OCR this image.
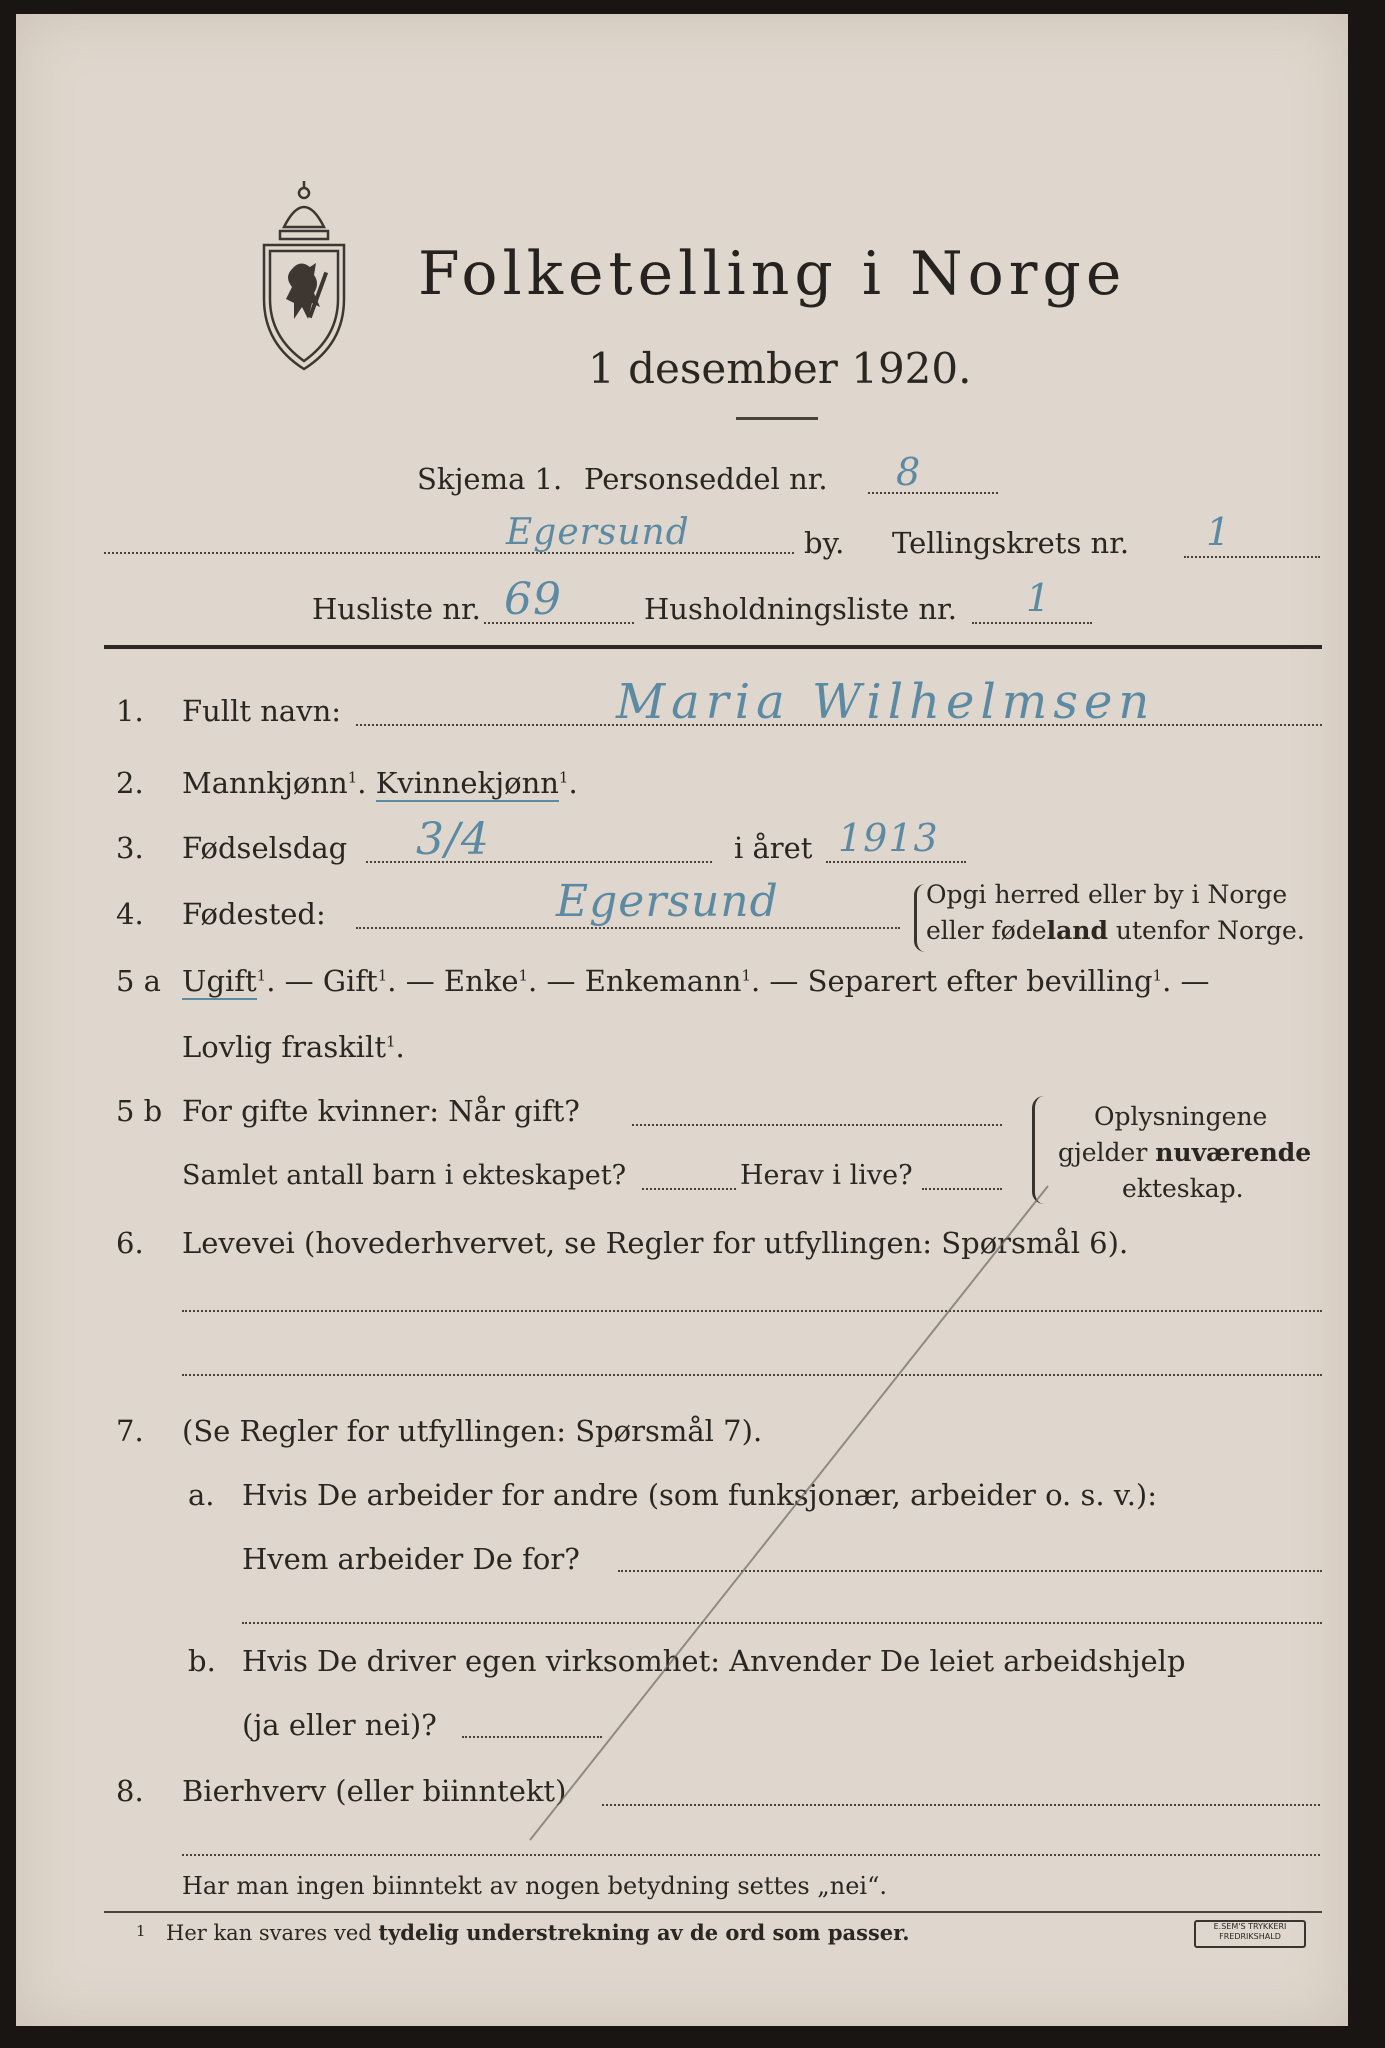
Folketelling i Norge
1 desember 1920.
Skjema 1. Personseddel nr. 8
Egersund	by. Tellingskrets nr. 1
Husliste nr. 69	Husholdningsliste nr. 1
1. Fullt navn:	Maria Wilhelmsen
2. Mannkjønn$^1$. Kvinnekjønn$^1$.
3. Fødselsdag 3/4	i året 1913
4. Fødested:	Egersund	Opgi herred eller by i Norge
eller fødeland utenfor Norge.
5 a Ugift$^1$. — Gift$^1$. — Enke$^1$. — Enkemann$^1$. — Separert efter bevilling$^1$. —
Lovlig fraskilt$^1$.
5 b For gifte kvinner: Når gift?
Samlet antall barn i ekteskapet?	Herav i live?
Oplysningene
gjelder nuværende
ekteskap.
6. Levevei (hovederhvervet, se Regler for utfyllingen: Spørsmål 6).
7. (Se Regler for utfyllingen: Spørsmål 7).
a. Hvis De arbeider for andre (som funksjonær, arbeider o. s. v.):
Hvem arbeider De for?
b. Hvis De driver egen virksomhet: Anvender De leiet arbeidshjelp
(ja eller nei)?
8. Bierhverv (eller biinntekt)
Har man ingen biinntekt av nogen betydning settes „nei“.
1 Her kan svares ved tydelig understrekning av de ord som passer.	E.SEM'S TRYKKERI
FREDRIKSHALD
